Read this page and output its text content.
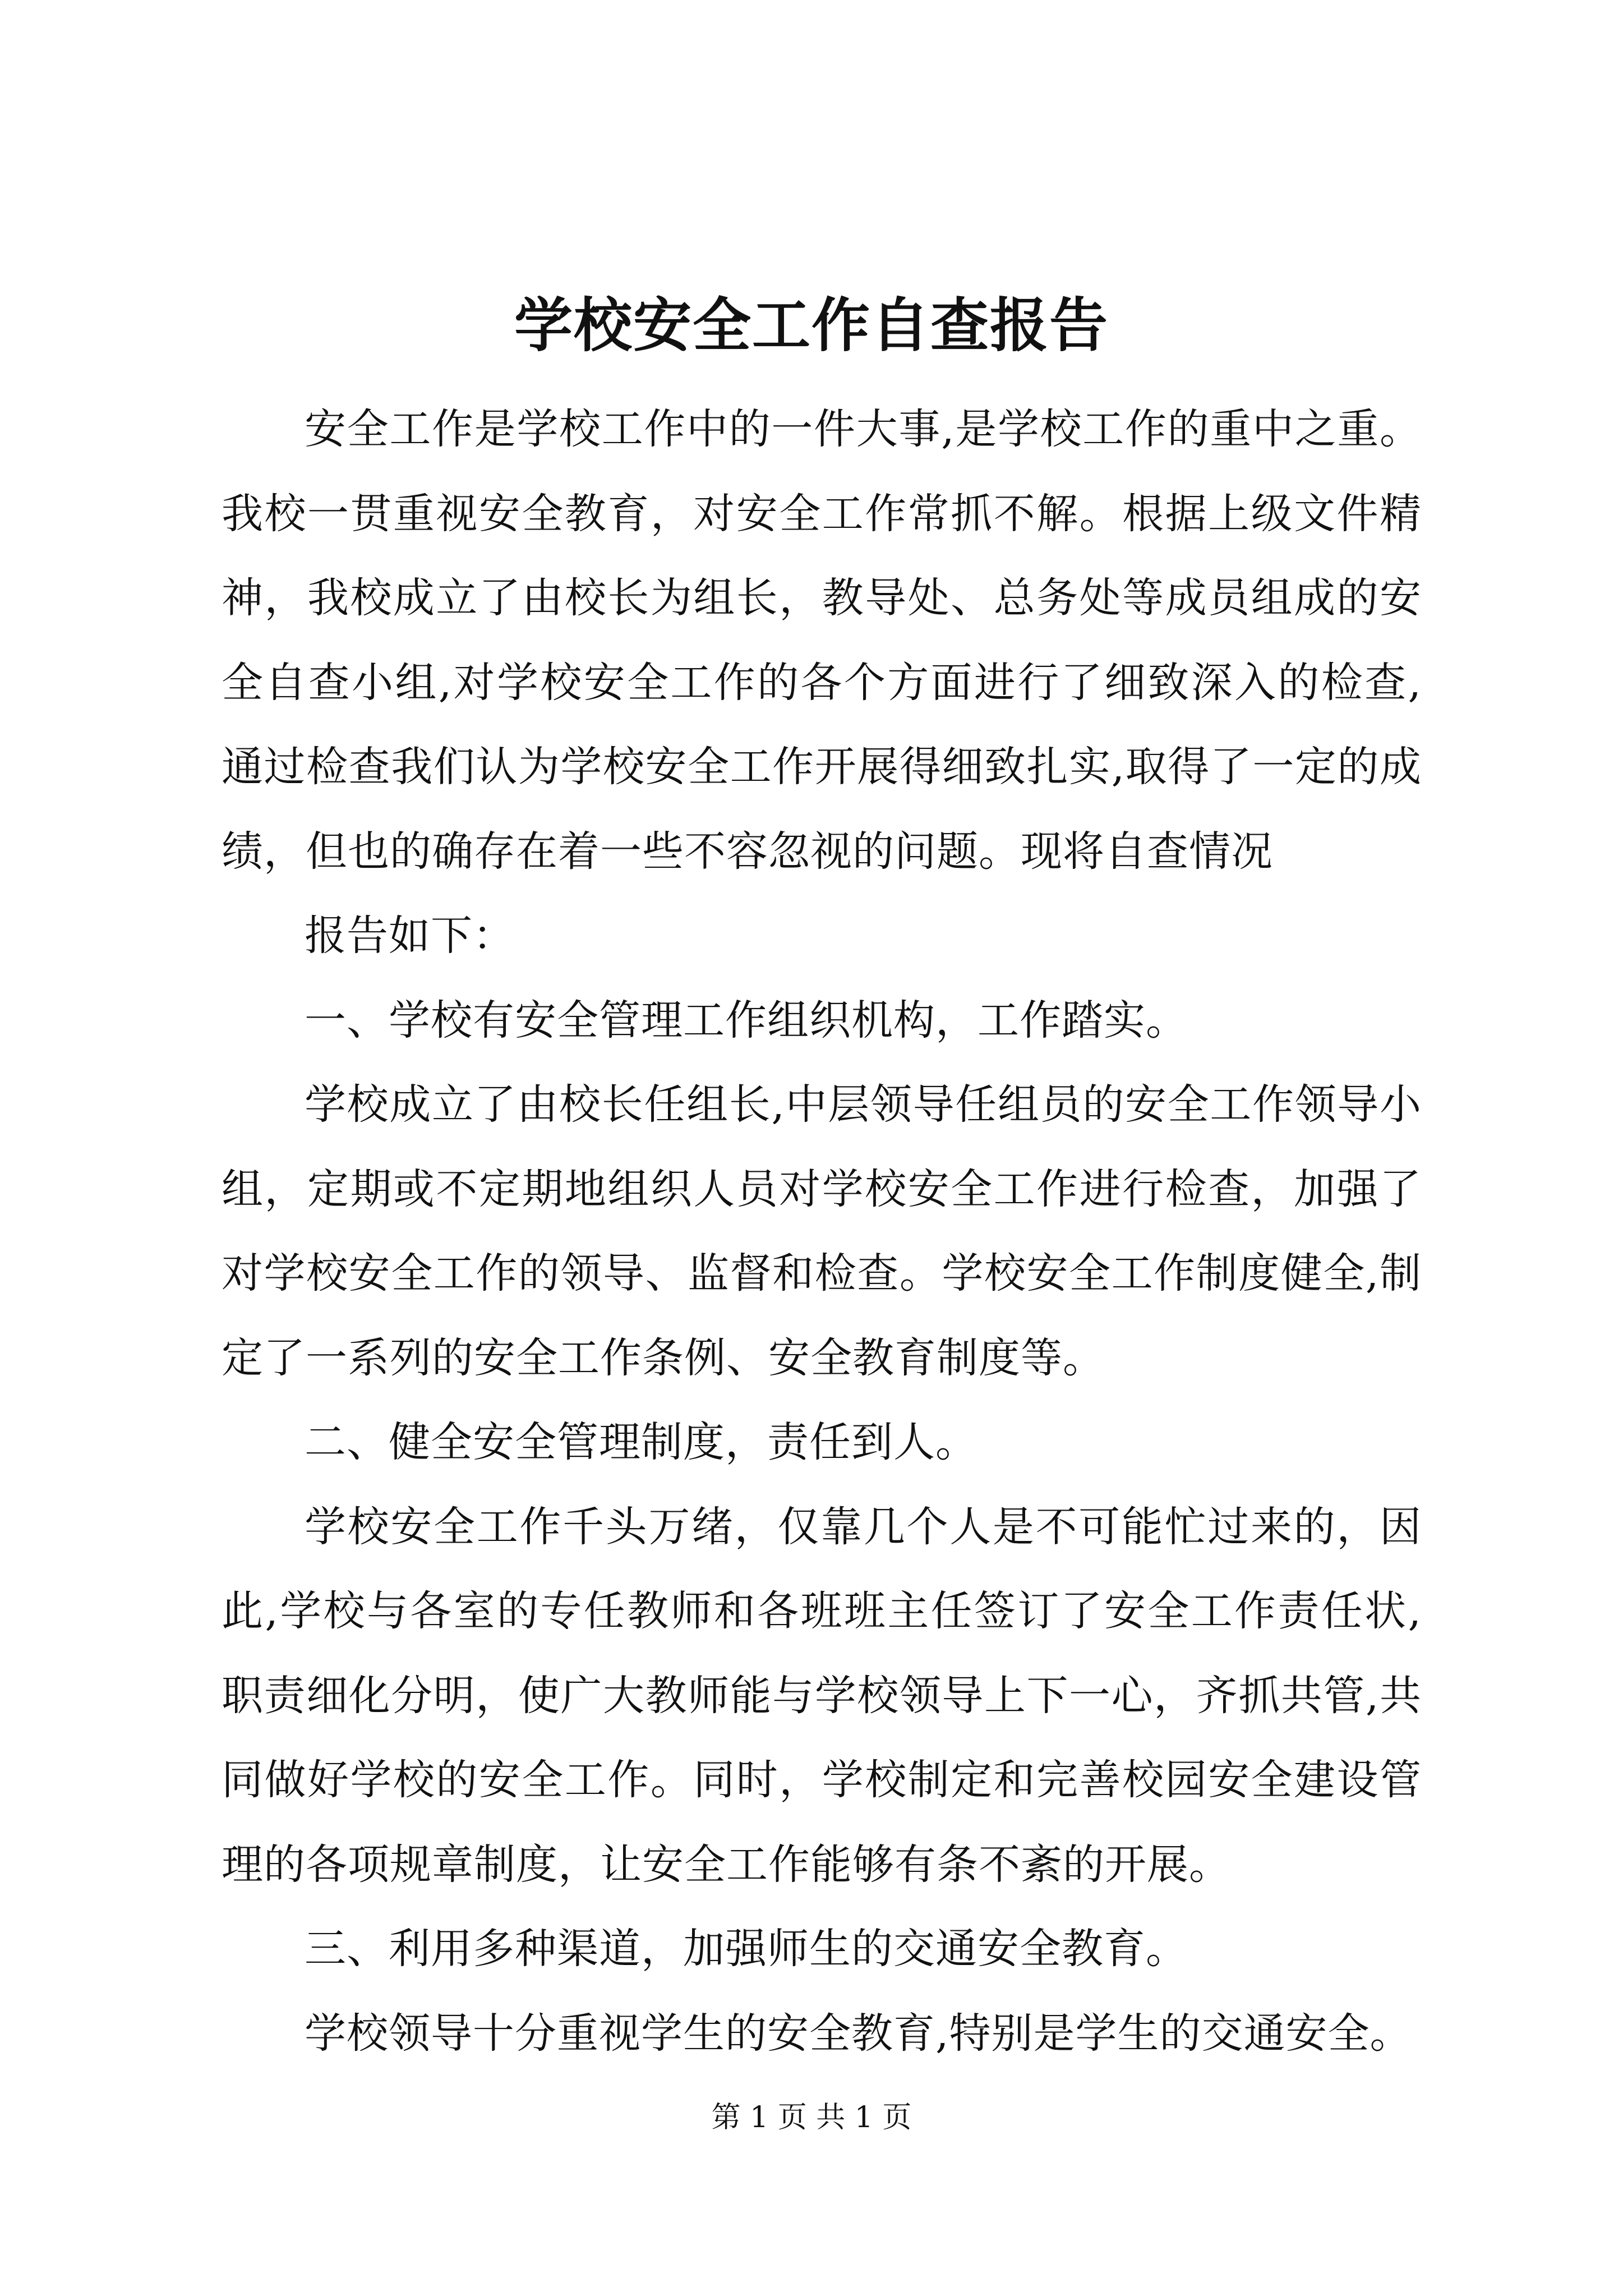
学校安全工作自查报告

安全工作是学校工作中的一件大事,是学校工作的重中之重。我校一贯重视安全教育，对安全工作常抓不解。根据上级文件精神，我校成立了由校长为组长，教导处、总务处等成员组成的安全自查小组,对学校安全工作的各个方面进行了细致深入的检查,通过检查我们认为学校安全工作开展得细致扎实,取得了一定的成绩，但也的确存在着一些不容忽视的问题。现将自查情况

报告如下：

一、学校有安全管理工作组织机构，工作踏实。

学校成立了由校长任组长,中层领导任组员的安全工作领导小组，定期或不定期地组织人员对学校安全工作进行检查，加强了对学校安全工作的领导、监督和检查。学校安全工作制度健全,制定了一系列的安全工作条例、安全教育制度等。

二、健全安全管理制度，责任到人。

学校安全工作千头万绪，仅靠几个人是不可能忙过来的，因此,学校与各室的专任教师和各班班主任签订了安全工作责任状,职责细化分明，使广大教师能与学校领导上下一心，齐抓共管,共同做好学校的安全工作。同时，学校制定和完善校园安全建设管理的各项规章制度，让安全工作能够有条不紊的开展。

三、利用多种渠道，加强师生的交通安全教育。

学校领导十分重视学生的安全教育,特别是学生的交通安全。

第 1 页 共 1 页
